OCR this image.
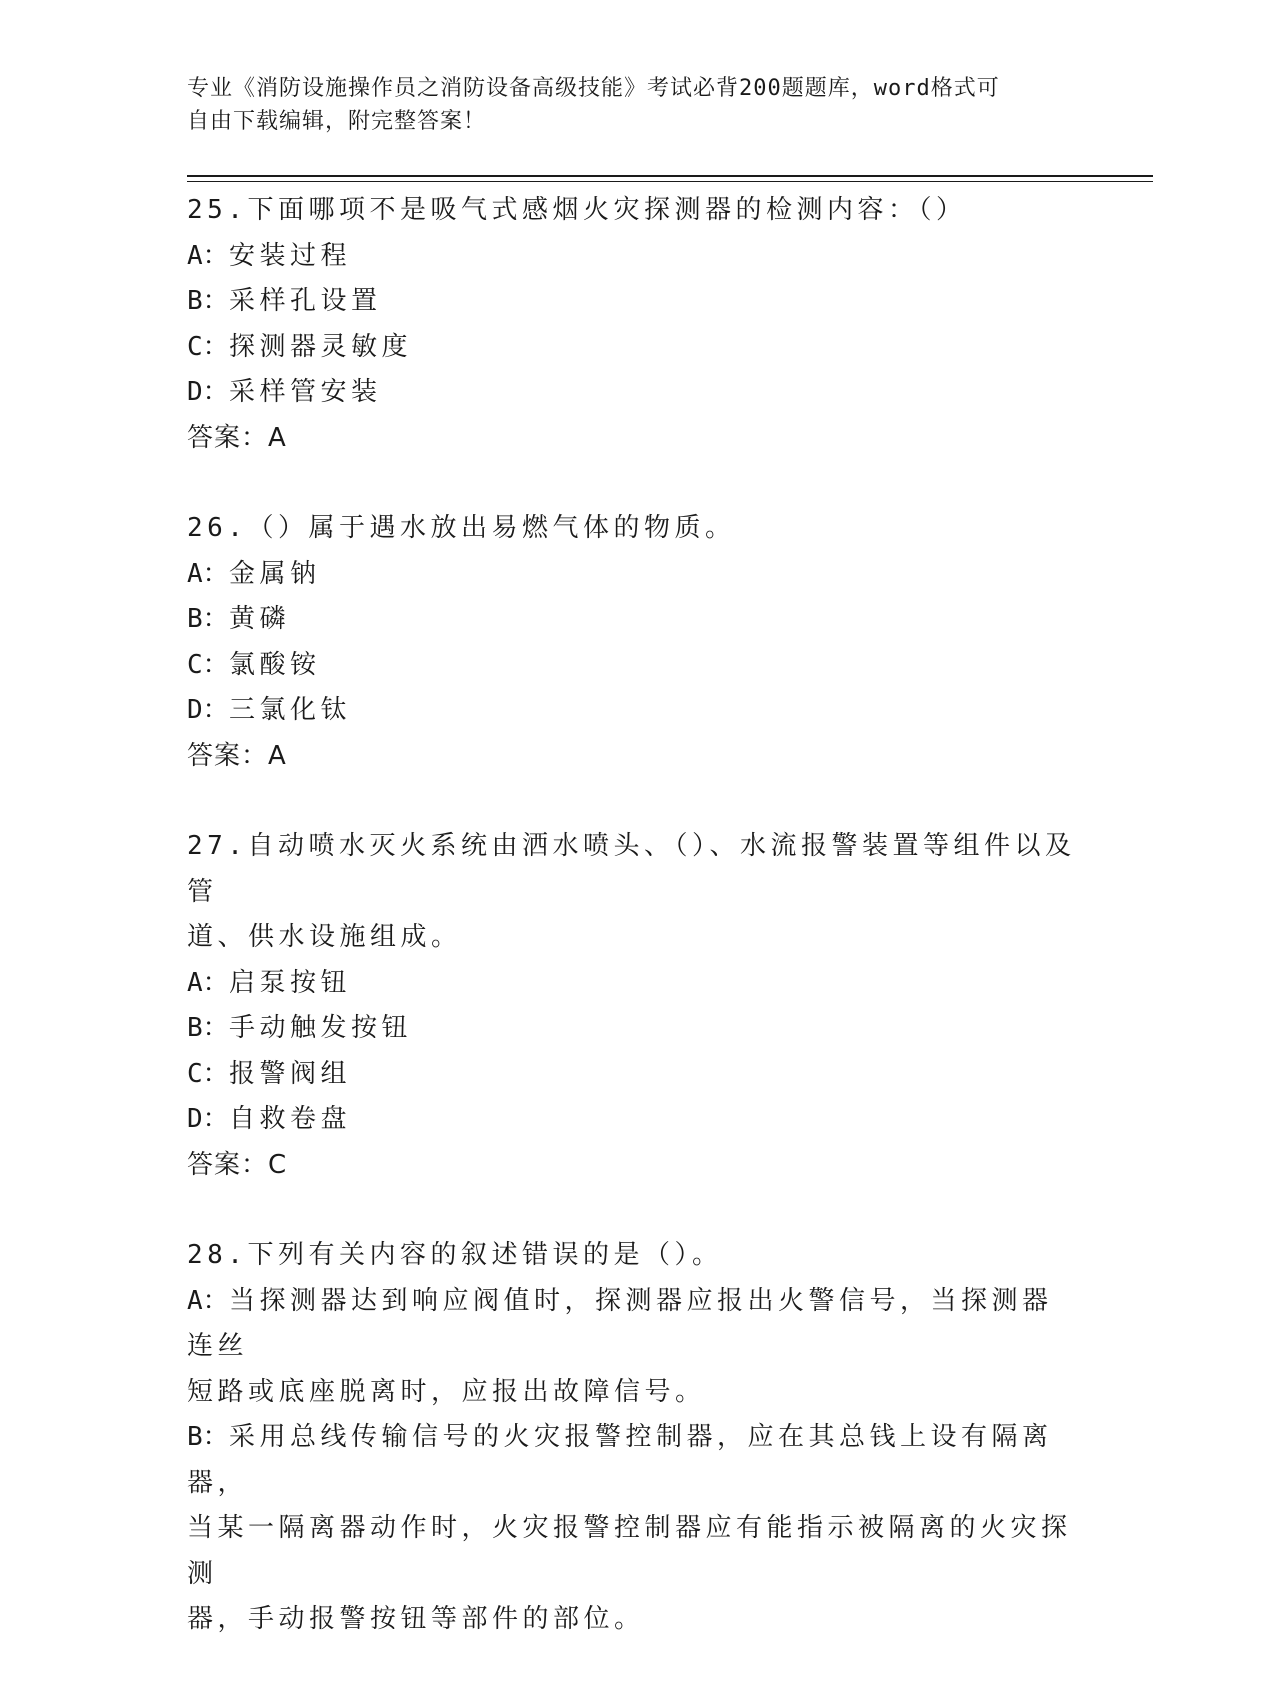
专业《消防设施操作员之消防设备高级技能》考试必背200题题库，word格式可
自由下载编辑，附完整答案！

25.下面哪项不是吸气式感烟火灾探测器的检测内容：（）

A：安装过程

B：采样孔设置

C：探测器灵敏度

D：采样管安装

答案：A

26.（）属于遇水放出易燃气体的物质。

A：金属钠

B：黄磷

C：氯酸铵

D：三氯化钛

答案：A

27.自动喷水灭火系统由洒水喷头、（）、水流报警装置等组件以及管

道、供水设施组成。

A：启泵按钮

B：手动触发按钮

C：报警阀组

D：自救卷盘

答案：C

28.下列有关内容的叙述错误的是（）。

A：当探测器达到响应阀值时，探测器应报出火警信号，当探测器连丝

短路或底座脱离时，应报出故障信号。

B：采用总线传输信号的火灾报警控制器，应在其总钱上设有隔离器，

当某一隔离器动作时，火灾报警控制器应有能指示被隔离的火灾探测

器，手动报警按钮等部件的部位。
